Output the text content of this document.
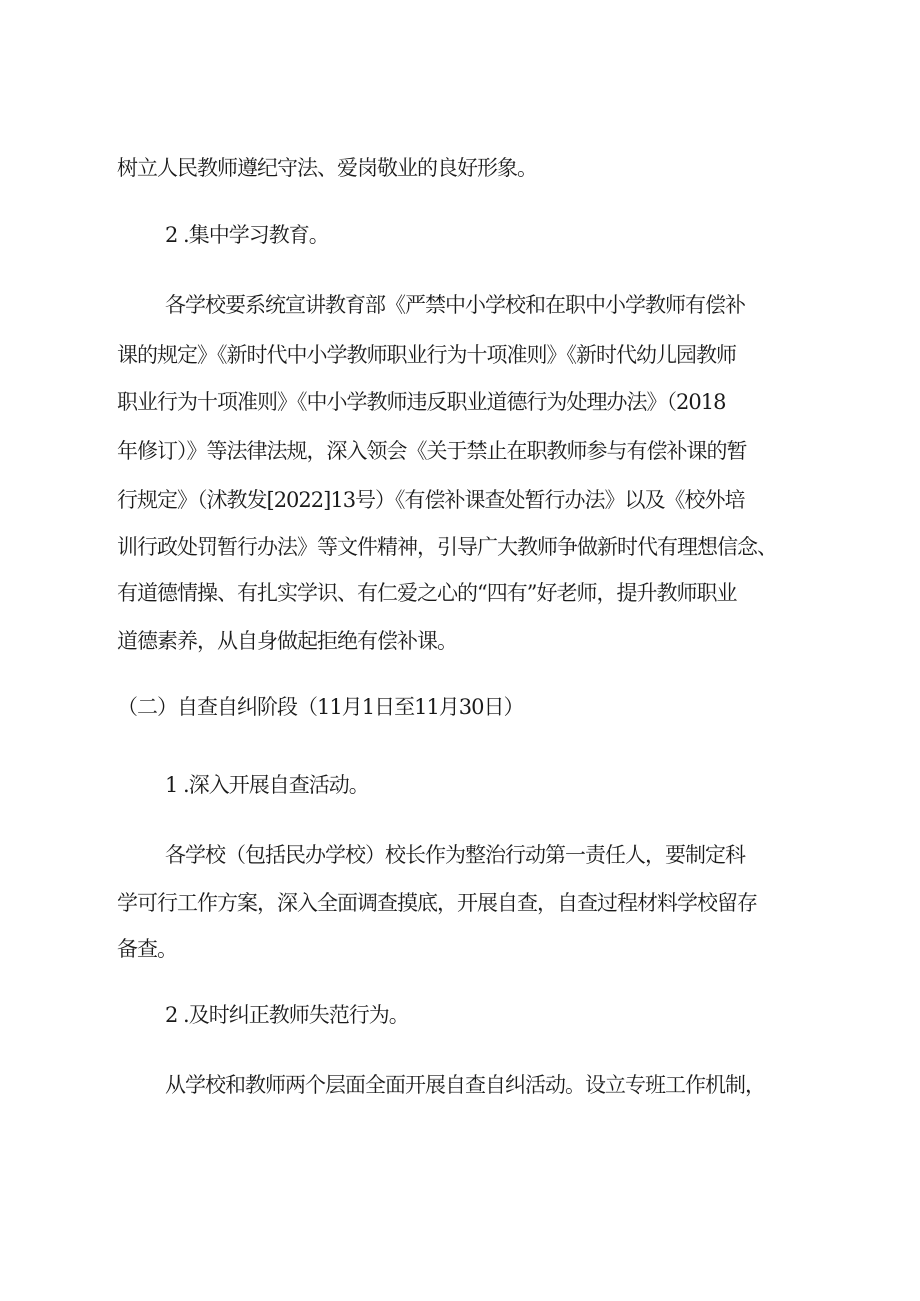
树立人民教师遵纪守法、爱岗敬业的良好形象。
2 .集中学习教育。
各学校要系统宣讲教育部《严禁中小学校和在职中小学教师有偿补
课的规定》《新时代中小学教师职业行为十项准则》《新时代幼儿园教师
职业行为十项准则》《中小学教师违反职业道德行为处理办法》（2018
年修订）》等法律法规，深入领会《关于禁止在职教师参与有偿补课的暂
行规定》（沭教发[2022]13号）《有偿补课查处暂行办法》以及《校外培
训行政处罚暂行办法》等文件精神，引导广大教师争做新时代有理想信念、
有道德情操、有扎实学识、有仁爱之心的“四有”好老师，提升教师职业
道德素养，从自身做起拒绝有偿补课。
（二）自查自纠阶段（11月1日至11月30日）
1 .深入开展自查活动。
各学校（包括民办学校）校长作为整治行动第一责任人，要制定科
学可行工作方案，深入全面调查摸底，开展自查，自查过程材料学校留存
备查。
2 .及时纠正教师失范行为。
从学校和教师两个层面全面开展自查自纠活动。设立专班工作机制，
